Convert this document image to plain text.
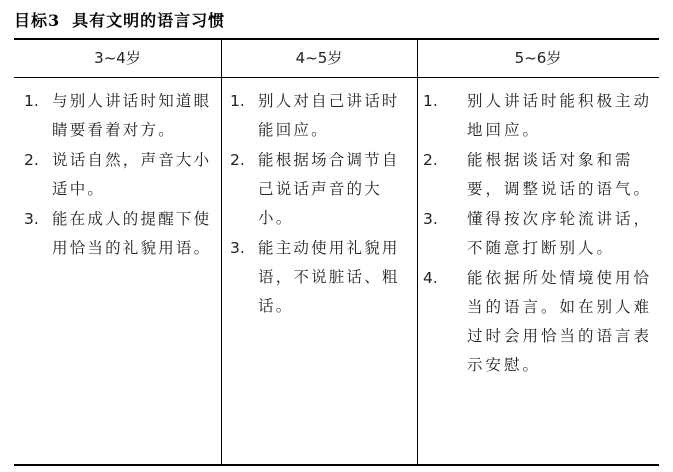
目标3 具有文明的语言习惯
3~4岁	4~5岁	5~6岁
1. 与别人讲话时知道眼睛要看着对方。
2. 说话自然，声音大小适中。
3. 能在成人的提醒下使用恰当的礼貌用语。
1. 别人对自己讲话时能回应。
2. 能根据场合调节自己说话声音的大小。
3. 能主动使用礼貌用语，不说脏话、粗话。
1. 别人讲话时能积极主动地回应。
2. 能根据谈话对象和需要，调整说话的语气。
3. 懂得按次序轮流讲话，不随意打断别人。
4. 能依据所处情境使用恰当的语言。如在别人难过时会用恰当的语言表示安慰。
